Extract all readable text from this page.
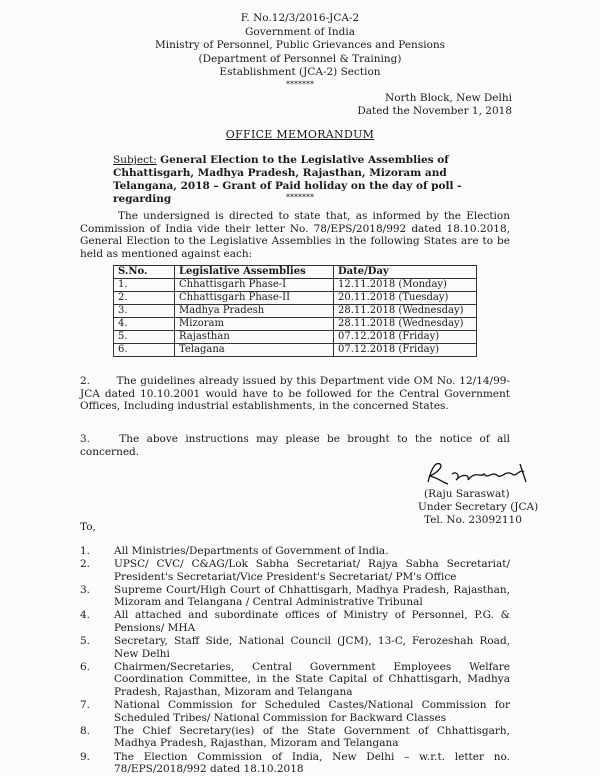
F. No.12/3/2016-JCA-2
Government of India
Ministry of Personnel, Public Grievances and Pensions
(Department of Personnel & Training)
Establishment (JCA-2) Section
*******
North Block, New Delhi
Dated the November 1, 2018
OFFICE MEMORANDUM
Subject: General Election to the Legislative Assemblies of Chhattisgarh, Madhya Pradesh, Rajasthan, Mizoram and Telangana, 2018 – Grant of Paid holiday on the day of poll - regarding	*******
The undersigned is directed to state that, as informed by the Election Commission of India vide their letter No. 78/EPS/2018/992 dated 18.10.2018, General Election to the Legislative Assemblies in the following States are to be held as mentioned against each:
S.No.	Legislative Assemblies	Date/Day
1.	Chhattisgarh Phase-I	12.11.2018 (Monday)
2.	Chhattisgarh Phase-II	20.11.2018 (Tuesday)
3.	Madhya Pradesh	28.11.2018 (Wednesday)
4.	Mizoram	28.11.2018 (Wednesday)
5.	Rajasthan	07.12.2018 (Friday)
6.	Telagana	07.12.2018 (Friday)
2.	The guidelines already issued by this Department vide OM No. 12/14/99-JCA dated 10.10.2001 would have to be followed for the Central Government Offices, Including industrial establishments, in the concerned States.
3.	The above instructions may please be brought to the notice of all concerned.
(Raju Saraswat)
Under Secretary (JCA)
Tel. No. 23092110
To,
1.	All Ministries/Departments of Government of India.
2.	UPSC/ CVC/ C&AG/Lok Sabha Secretariat/ Rajya Sabha Secretariat/ President's Secretariat/Vice President's Secretariat/ PM's Office
3.	Supreme Court/High Court of Chhattisgarh, Madhya Pradesh, Rajasthan, Mizoram and Telangana / Central Administrative Tribunal
4.	All attached and subordinate offices of Ministry of Personnel, P.G. & Pensions/ MHA
5.	Secretary, Staff Side, National Council (JCM), 13-C, Ferozeshah Road, New Delhi
6.	Chairmen/Secretaries, Central Government Employees Welfare Coordination Committee, in the State Capital of Chhattisgarh, Madhya Pradesh, Rajasthan, Mizoram and Telangana
7.	National Commission for Scheduled Castes/National Commission for Scheduled Tribes/ National Commission for Backward Classes
8.	The Chief Secretary(ies) of the State Government of Chhattisgarh, Madhya Pradesh, Rajasthan, Mizoram and Telangana
9.	The Election Commission of India, New Delhi – w.r.t. letter no. 78/EPS/2018/992 dated 18.10.2018
